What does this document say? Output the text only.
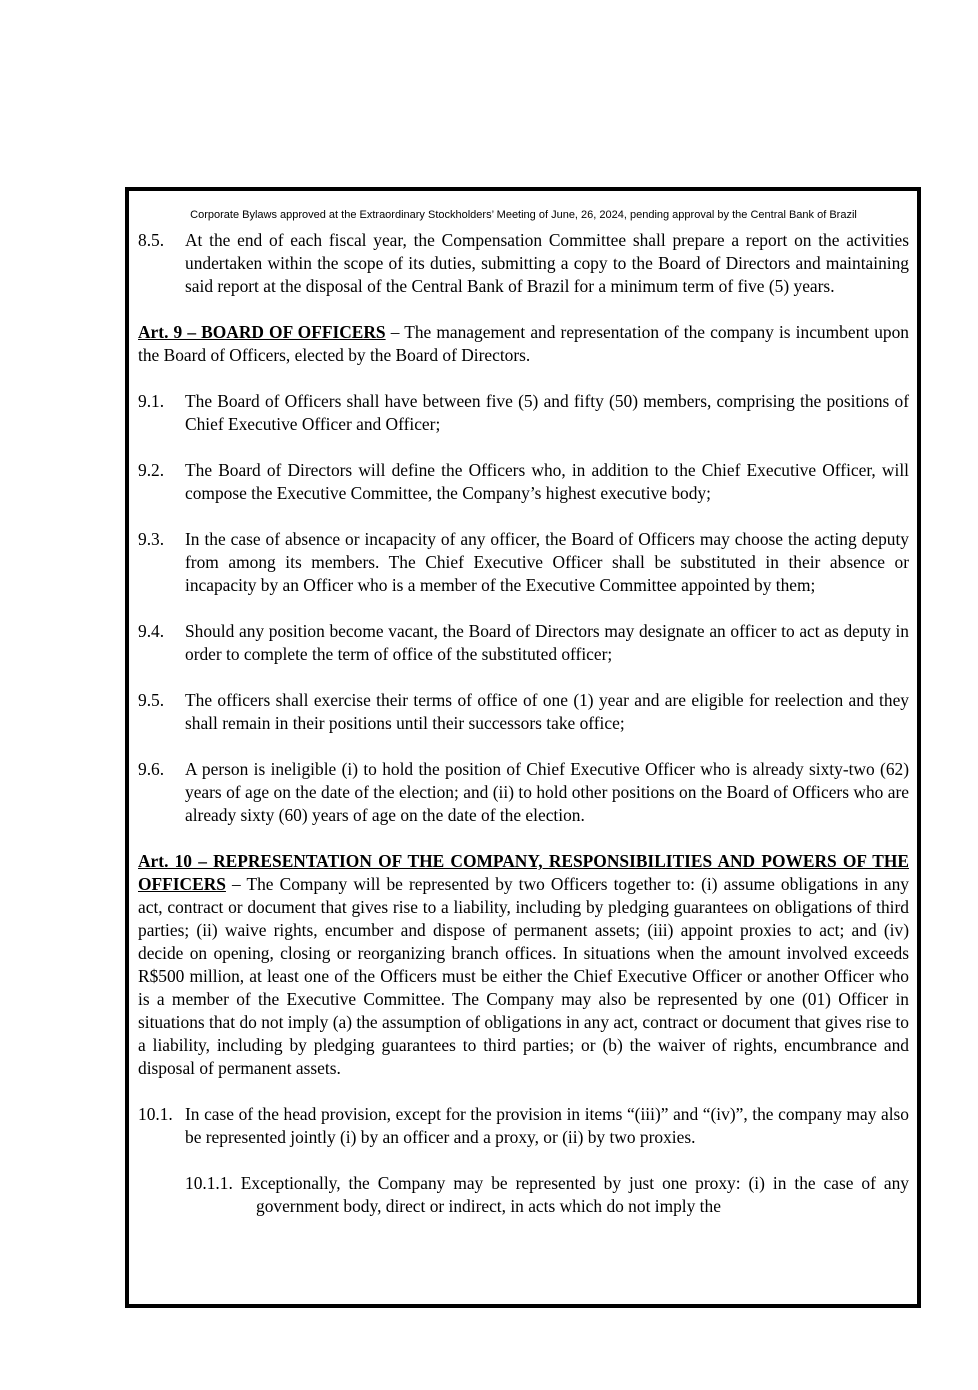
Corporate Bylaws approved at the Extraordinary Stockholders’ Meeting of June, 26, 2024, pending approval by the Central Bank of Brazil
8.5.	At the end of each fiscal year, the Compensation Committee shall prepare a report on the activities undertaken within the scope of its duties, submitting a copy to the Board of Directors and maintaining said report at the disposal of the Central Bank of Brazil for a minimum term of five (5) years.

Art. 9 – BOARD OF OFFICERS – The management and representation of the company is incumbent upon the Board of Officers, elected by the Board of Directors.

9.1.	The Board of Officers shall have between five (5) and fifty (50) members, comprising the positions of Chief Executive Officer and Officer;
9.2.	The Board of Directors will define the Officers who, in addition to the Chief Executive Officer, will compose the Executive Committee, the Company’s highest executive body;
9.3.	In the case of absence or incapacity of any officer, the Board of Officers may choose the acting deputy from among its members. The Chief Executive Officer shall be substituted in their absence or incapacity by an Officer who is a member of the Executive Committee appointed by them;
9.4.	Should any position become vacant, the Board of Directors may designate an officer to act as deputy in order to complete the term of office of the substituted officer;
9.5.	The officers shall exercise their terms of office of one (1) year and are eligible for reelection and they shall remain in their positions until their successors take office;
9.6.	A person is ineligible (i) to hold the position of Chief Executive Officer who is already sixty-two (62) years of age on the date of the election; and (ii) to hold other positions on the Board of Officers who are already sixty (60) years of age on the date of the election.

Art. 10 – REPRESENTATION OF THE COMPANY, RESPONSIBILITIES AND POWERS OF THE OFFICERS – The Company will be represented by two Officers together to: (i) assume obligations in any act, contract or document that gives rise to a liability, including by pledging guarantees on obligations of third parties; (ii) waive rights, encumber and dispose of permanent assets; (iii) appoint proxies to act; and (iv) decide on opening, closing or reorganizing branch offices. In situations when the amount involved exceeds R$500 million, at least one of the Officers must be either the Chief Executive Officer or another Officer who is a member of the Executive Committee. The Company may also be represented by one (01) Officer in situations that do not imply (a) the assumption of obligations in any act, contract or document that gives rise to a liability, including by pledging guarantees to third parties; or (b) the waiver of rights, encumbrance and disposal of permanent assets.

10.1. In case of the head provision, except for the provision in items “(iii)” and “(iv)”, the company may also be represented jointly (i) by an officer and a proxy, or (ii) by two proxies.

10.1.1. Exceptionally, the Company may be represented by just one proxy: (i) in the case of any government body, direct or indirect, in acts which do not imply the
